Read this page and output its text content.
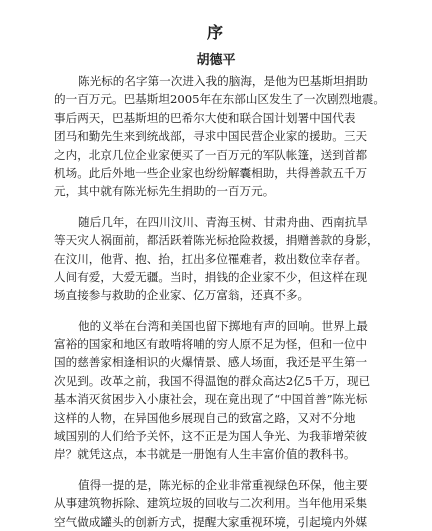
序
胡德平
陈光标的名字第一次进入我的脑海，是他为巴基斯坦捐助
的一百万元。巴基斯坦2005年在东部山区发生了一次剧烈地震。
事后两天，巴基斯坦的巴希尔大使和联合国计划署中国代表
团马和勤先生来到统战部，寻求中国民营企业家的援助。三天
之内，北京几位企业家便买了一百万元的军队帐篷，送到首都
机场。此后外地一些企业家也纷纷解囊相助，共得善款五千万
元，其中就有陈光标先生捐助的一百万元。
随后几年，在四川汶川、青海玉树、甘肃舟曲、西南抗旱
等天灾人祸面前，都活跃着陈光标抢险救援，捐赠善款的身影，
在汶川，他背、抱、抬，扛出多位罹难者，救出数位幸存者。
人间有爱，大爱无疆。当时，捐钱的企业家不少，但这样在现
场直接参与救助的企业家、亿万富翁，还真不多。
他的义举在台湾和美国也留下掷地有声的回响。世界上最
富裕的国家和地区有敢啃将哺的穷人原不足为怪，但和一位中
国的慈善家相逢相识的火爆情景、感人场面，我还是平生第一
次见到。改革之前，我国不得温饱的群众高达2亿5千万，现已
基本消灭贫困步入小康社会，现在竟出现了“中国首善”陈光标
这样的人物，在异国他乡展现自己的致富之路，又对不分地
域国别的人们给予关怀，这不正是为国人争光、为我菲增荣彼
岸？就凭这点，本书就是一册饱有人生丰富价值的教科书。
值得一提的是，陈光标的企业非常重视绿色环保，他主要
从事建筑物拆除、建筑垃圾的回收与二次利用。当年他用采集
空气做成罐头的创新方式，提醒大家重视环境，引起境内外媒
